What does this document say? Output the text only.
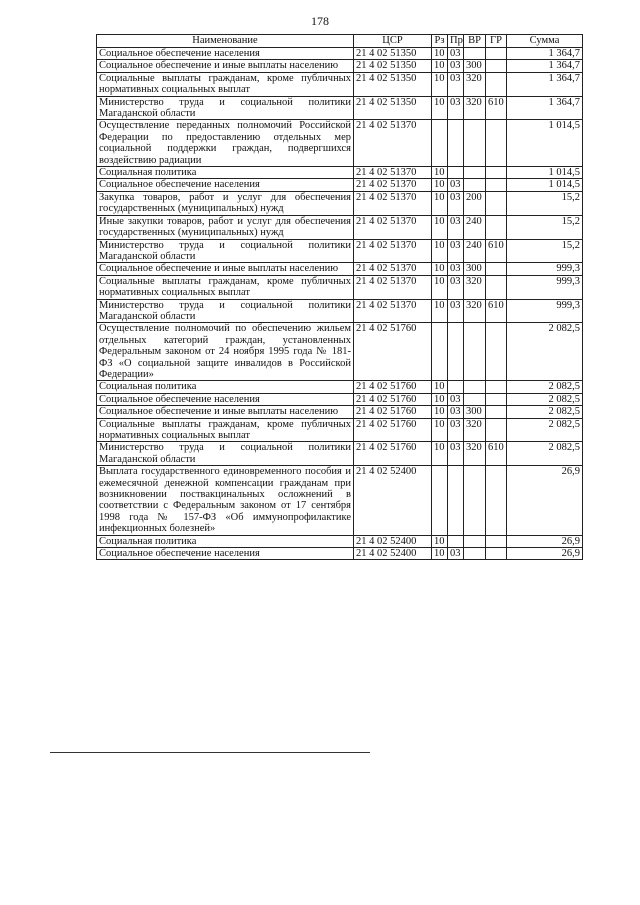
178
Наименование	ЦСР	Рз	Пр	ВР	ГР	Сумма
Социальное обеспечение населения	21 4 02 51350	10	03			1 364,7
Социальное обеспечение и иные выплаты населению	21 4 02 51350	10	03	300		1 364,7
Социальные выплаты гражданам, кроме публичных нормативных социальных выплат	21 4 02 51350	10	03	320		1 364,7
Министерство труда и социальной политики Магаданской области	21 4 02 51350	10	03	320	610	1 364,7
Осуществление переданных полномочий Российской Федерации по предоставлению отдельных мер социальной поддержки граждан, подвергшихся воздействию радиации	21 4 02 51370					1 014,5
Социальная политика	21 4 02 51370	10				1 014,5
Социальное обеспечение населения	21 4 02 51370	10	03			1 014,5
Закупка товаров, работ и услуг для обеспечения государственных (муниципальных) нужд	21 4 02 51370	10	03	200		15,2
Иные закупки товаров, работ и услуг для обеспечения государственных (муниципальных) нужд	21 4 02 51370	10	03	240		15,2
Министерство труда и социальной политики Магаданской области	21 4 02 51370	10	03	240	610	15,2
Социальное обеспечение и иные выплаты населению	21 4 02 51370	10	03	300		999,3
Социальные выплаты гражданам, кроме публичных нормативных социальных выплат	21 4 02 51370	10	03	320		999,3
Министерство труда и социальной политики Магаданской области	21 4 02 51370	10	03	320	610	999,3
Осуществление полномочий по обеспечению жильем отдельных категорий граждан, установленных Федеральным законом от 24 ноября 1995 года № 181-ФЗ «О социальной защите инвалидов в Российской Федерации»	21 4 02 51760					2 082,5
Социальная политика	21 4 02 51760	10				2 082,5
Социальное обеспечение населения	21 4 02 51760	10	03			2 082,5
Социальное обеспечение и иные выплаты населению	21 4 02 51760	10	03	300		2 082,5
Социальные выплаты гражданам, кроме публичных нормативных социальных выплат	21 4 02 51760	10	03	320		2 082,5
Министерство труда и социальной политики Магаданской области	21 4 02 51760	10	03	320	610	2 082,5
Выплата государственного единовременного пособия и ежемесячной денежной компенсации гражданам при возникновении поствакцинальных осложнений в соответствии с Федеральным законом от 17 сентября 1998 года № 157-ФЗ «Об иммунопрофилактике инфекционных болезней»	21 4 02 52400					26,9
Социальная политика	21 4 02 52400	10				26,9
Социальное обеспечение населения	21 4 02 52400	10	03			26,9
